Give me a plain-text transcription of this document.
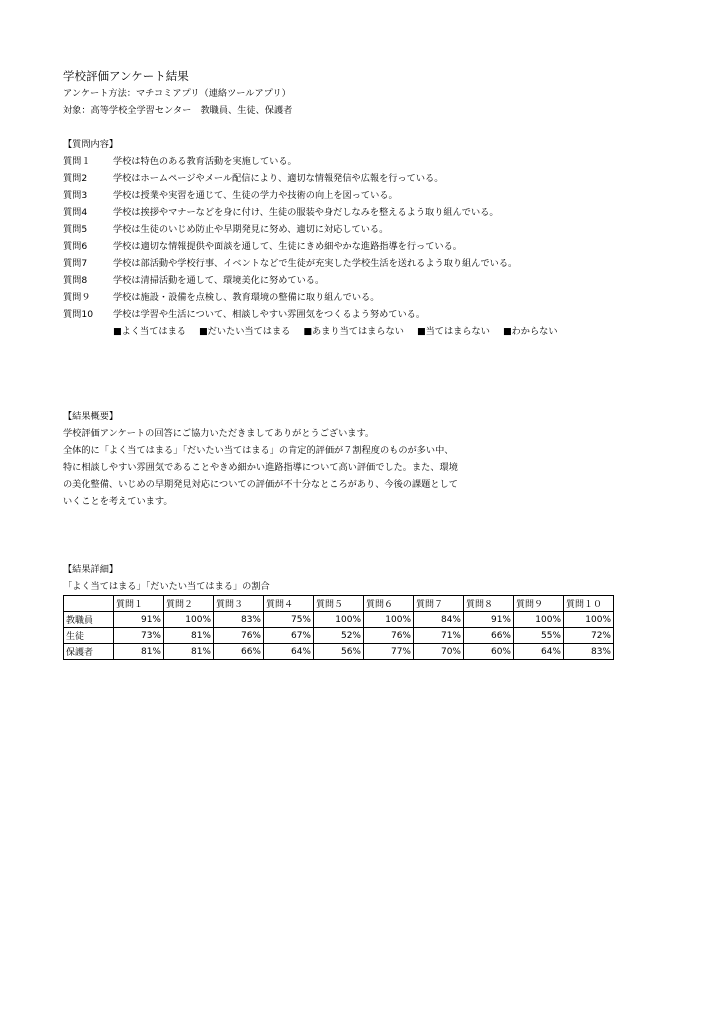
学校評価アンケート結果
アンケート方法：マチコミアプリ（連絡ツールアプリ）
対象：高等学校全学習センター　教職員、生徒、保護者
【質問内容】
質問１	学校は特色のある教育活動を実施している。
質問2	学校はホームページやメール配信により、適切な情報発信や広報を行っている。
質問3	学校は授業や実習を通じて、生徒の学力や技術の向上を図っている。
質問4	学校は挨拶やマナーなどを身に付け、生徒の服装や身だしなみを整えるよう取り組んでいる。
質問5	学校は生徒のいじめ防止や早期発見に努め、適切に対応している。
質問6	学校は適切な情報提供や面談を通して、生徒にきめ細やかな進路指導を行っている。
質問7	学校は部活動や学校行事、イベントなどで生徒が充実した学校生活を送れるよう取り組んでいる。
質問8	学校は清掃活動を通して、環境美化に努めている。
質問９	学校は施設・設備を点検し、教育環境の整備に取り組んでいる。
質問10	学校は学習や生活について、相談しやすい雰囲気をつくるよう努めている。
■よく当てはまる ■だいたい当てはまる ■あまり当てはまらない ■当てはまらない ■わからない
【結果概要】
学校評価アンケートの回答にご協力いただきましてありがとうございます。
全体的に「よく当てはまる」「だいたい当てはまる」の肯定的評価が７割程度のものが多い中、
特に相談しやすい雰囲気であることやきめ細かい進路指導について高い評価でした。また、環境
の美化整備、いじめの早期発見対応についての評価が不十分なところがあり、今後の課題として
いくことを考えています。
【結果詳細】
「よく当てはまる」「だいたい当てはまる」の割合
	質問１	質問２	質問３	質問４	質問５	質問６	質問７	質問８	質問９	質問１０
教職員	91%	100%	83%	75%	100%	100%	84%	91%	100%	100%
生徒	73%	81%	76%	67%	52%	76%	71%	66%	55%	72%
保護者	81%	81%	66%	64%	56%	77%	70%	60%	64%	83%
